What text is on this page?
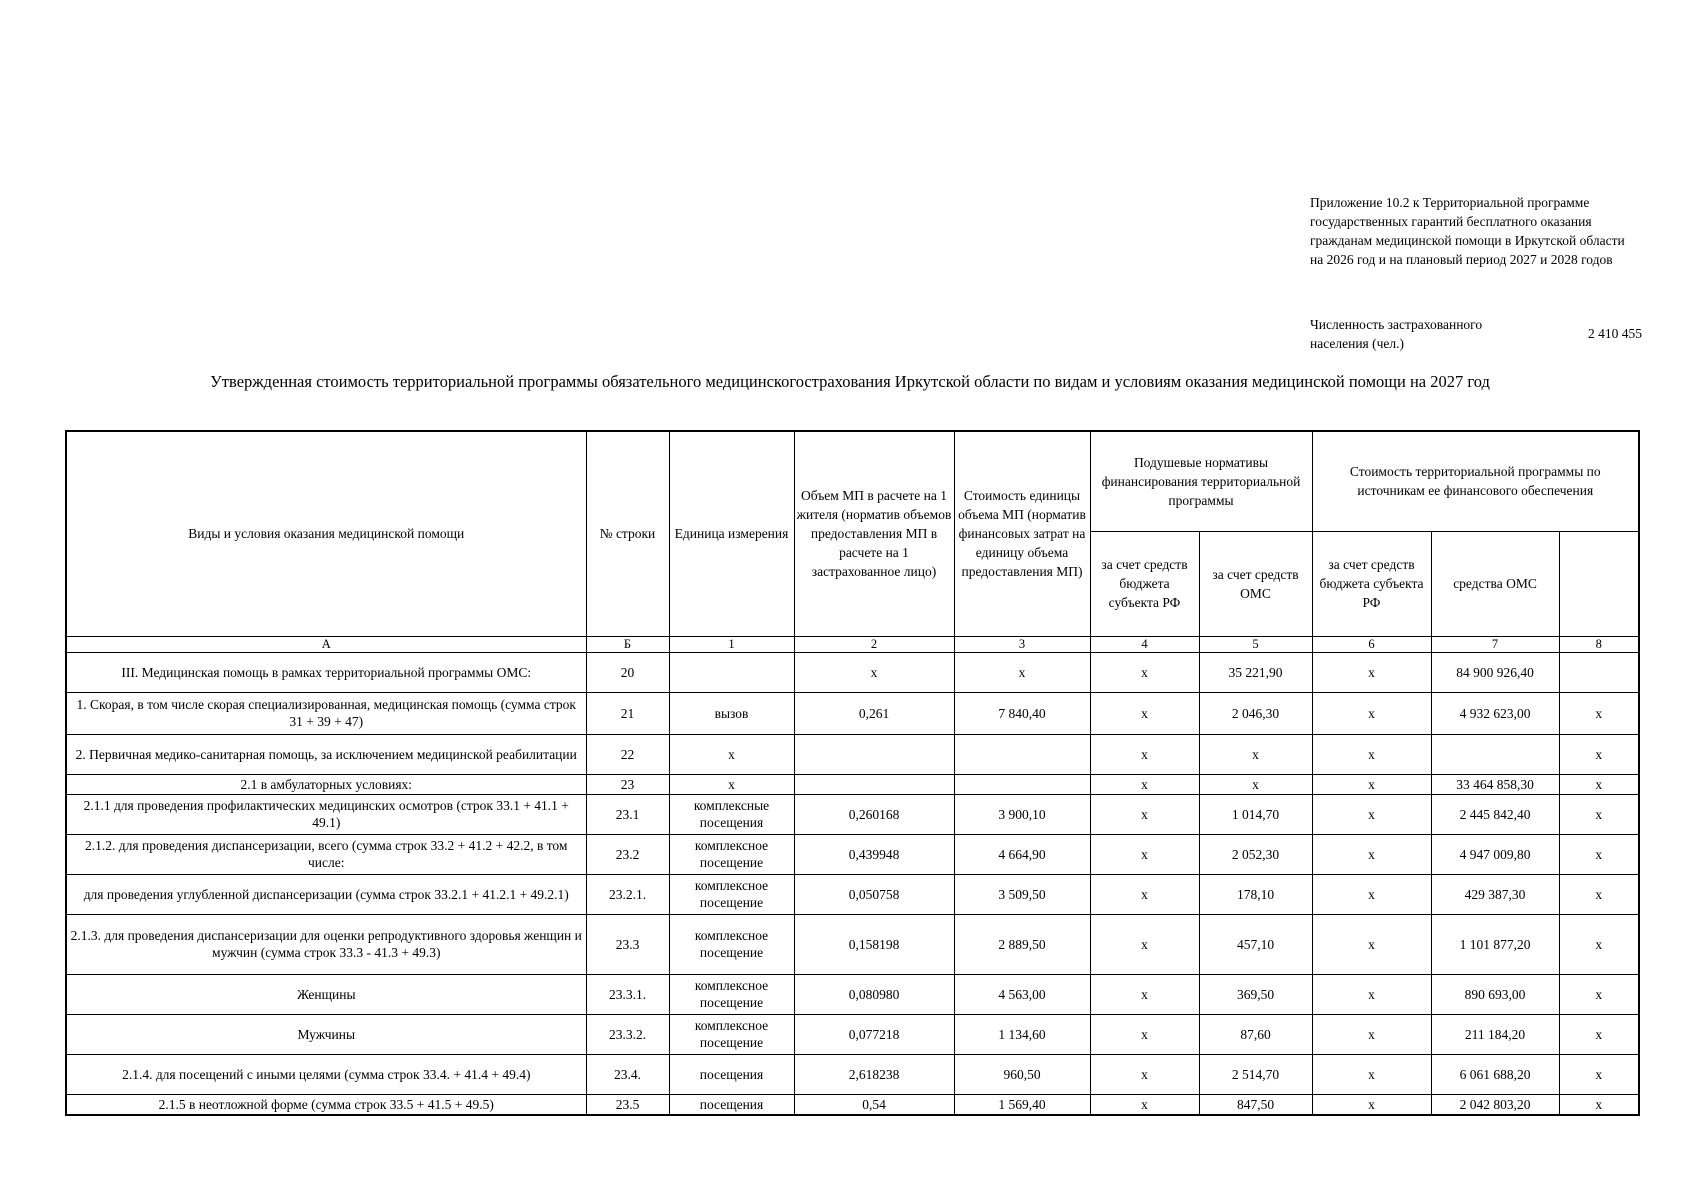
Приложение 10.2 к Территориальной программе государственных гарантий бесплатного оказания гражданам медицинской помощи в Иркутской области на 2026 год и на плановый период 2027 и 2028 годов
Численность застрахованного населения (чел.)
2 410 455
Утвержденная стоимость территориальной программы обязательного медицинскогострахования Иркутской области по видам и условиям оказания медицинской помощи на 2027 год
Виды и условия оказания медицинской помощи	№ строки	Единица измерения	Объем МП в расчете на 1 жителя (норматив объемов предоставления МП в расчете на 1 застрахованное лицо)	Стоимость единицы объема МП (норматив финансовых затрат на единицу объема предоставления МП)	Подушевые нормативы финансирования территориальной программы		Стоимость территориальной программы по источникам ее финансового обеспечения		
					за счет средств бюджета субъекта РФ	за счет средств ОМС	за счет средств бюджета субъекта РФ	средства ОМС	
А	Б	1	2	3	4	5	6	7	8
III. Медицинская помощь в рамках территориальной программы ОМС:	20		х	х	х	35 221,90	х	84 900 926,40	
1. Скорая, в том числе скорая специализированная, медицинская помощь (сумма строк 31 + 39 + 47)	21	вызов	0,261	7 840,40	х	2 046,30	х	4 932 623,00	х
2. Первичная медико-санитарная помощь, за исключением медицинской реабилитации	22	х			х	х	х		х
2.1 в амбулаторных условиях:	23	х			х	х	х	33 464 858,30	х
2.1.1 для проведения профилактических медицинских осмотров (строк 33.1 + 41.1 + 49.1)	23.1	комплексные посещения	0,260168	3 900,10	х	1 014,70	х	2 445 842,40	х
2.1.2. для проведения диспансеризации, всего (сумма строк 33.2 + 41.2 + 42.2, в том числе:	23.2	комплексное посещение	0,439948	4 664,90	х	2 052,30	х	4 947 009,80	х
для проведения углубленной диспансеризации (сумма строк 33.2.1 + 41.2.1 + 49.2.1)	23.2.1.	комплексное посещение	0,050758	3 509,50	х	178,10	х	429 387,30	х
2.1.3. для проведения диспансеризации для оценки репродуктивного здоровья женщин и мужчин (сумма строк 33.3 - 41.3 + 49.3)	23.3	комплексное посещение	0,158198	2 889,50	х	457,10	х	1 101 877,20	х
Женщины	23.3.1.	комплексное посещение	0,080980	4 563,00	х	369,50	х	890 693,00	х
Мужчины	23.3.2.	комплексное посещение	0,077218	1 134,60	х	87,60	х	211 184,20	х
2.1.4. для посещений с иными целями (сумма строк 33.4. + 41.4 + 49.4)	23.4.	посещения	2,618238	960,50	х	2 514,70	х	6 061 688,20	х
2.1.5 в неотложной форме (сумма строк 33.5 + 41.5 + 49.5)	23.5	посещения	0,54	1 569,40	х	847,50	х	2 042 803,20	х
